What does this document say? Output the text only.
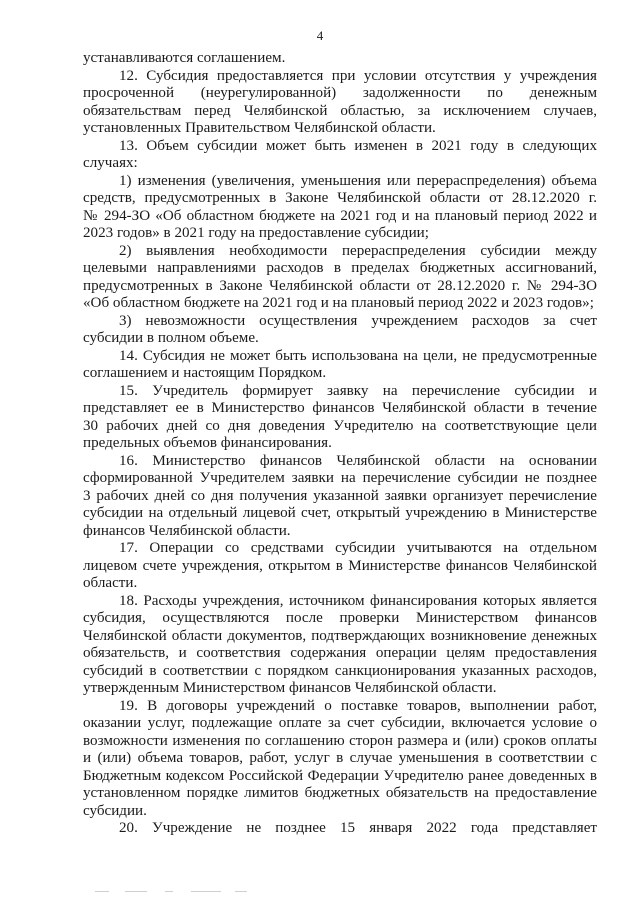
4
устанавливаются соглашением.
12. Субсидия предоставляется при условии отсутствия у учреждения
просроченной (неурегулированной) задолженности по денежным
обязательствам перед Челябинской областью, за исключением случаев,
установленных Правительством Челябинской области.
13. Объем субсидии может быть изменен в 2021 году в следующих
случаях:
1) изменения (увеличения, уменьшения или перераспределения) объема
средств, предусмотренных в Законе Челябинской области от 28.12.2020 г.
№ 294-ЗО «Об областном бюджете на 2021 год и на плановый период 2022 и
2023 годов» в 2021 году на предоставление субсидии;
2) выявления необходимости перераспределения субсидии между
целевыми направлениями расходов в пределах бюджетных ассигнований,
предусмотренных в Законе Челябинской области от 28.12.2020 г. № 294-ЗО
«Об областном бюджете на 2021 год и на плановый период 2022 и 2023 годов»;
3) невозможности осуществления учреждением расходов за счет
субсидии в полном объеме.
14. Субсидия не может быть использована на цели, не предусмотренные
соглашением и настоящим Порядком.
15. Учредитель формирует заявку на перечисление субсидии и
представляет ее в Министерство финансов Челябинской области в течение
30 рабочих дней со дня доведения Учредителю на соответствующие цели
предельных объемов финансирования.
16. Министерство финансов Челябинской области на основании
сформированной Учредителем заявки на перечисление субсидии не позднее
3 рабочих дней со дня получения указанной заявки организует перечисление
субсидии на отдельный лицевой счет, открытый учреждению в Министерстве
финансов Челябинской области.
17. Операции со средствами субсидии учитываются на отдельном
лицевом счете учреждения, открытом в Министерстве финансов Челябинской
области.
18. Расходы учреждения, источником финансирования которых является
субсидия, осуществляются после проверки Министерством финансов
Челябинской области документов, подтверждающих возникновение денежных
обязательств, и соответствия содержания операции целям предоставления
субсидий в соответствии с порядком санкционирования указанных расходов,
утвержденным Министерством финансов Челябинской области.
19. В договоры учреждений о поставке товаров, выполнении работ,
оказании услуг, подлежащие оплате за счет субсидии, включается условие о
возможности изменения по соглашению сторон размера и (или) сроков оплаты
и (или) объема товаров, работ, услуг в случае уменьшения в соответствии с
Бюджетным кодексом Российской Федерации Учредителю ранее доведенных в
установленном порядке лимитов бюджетных обязательств на предоставление
субсидии.
20. Учреждение не позднее 15 января 2022 года представляет
